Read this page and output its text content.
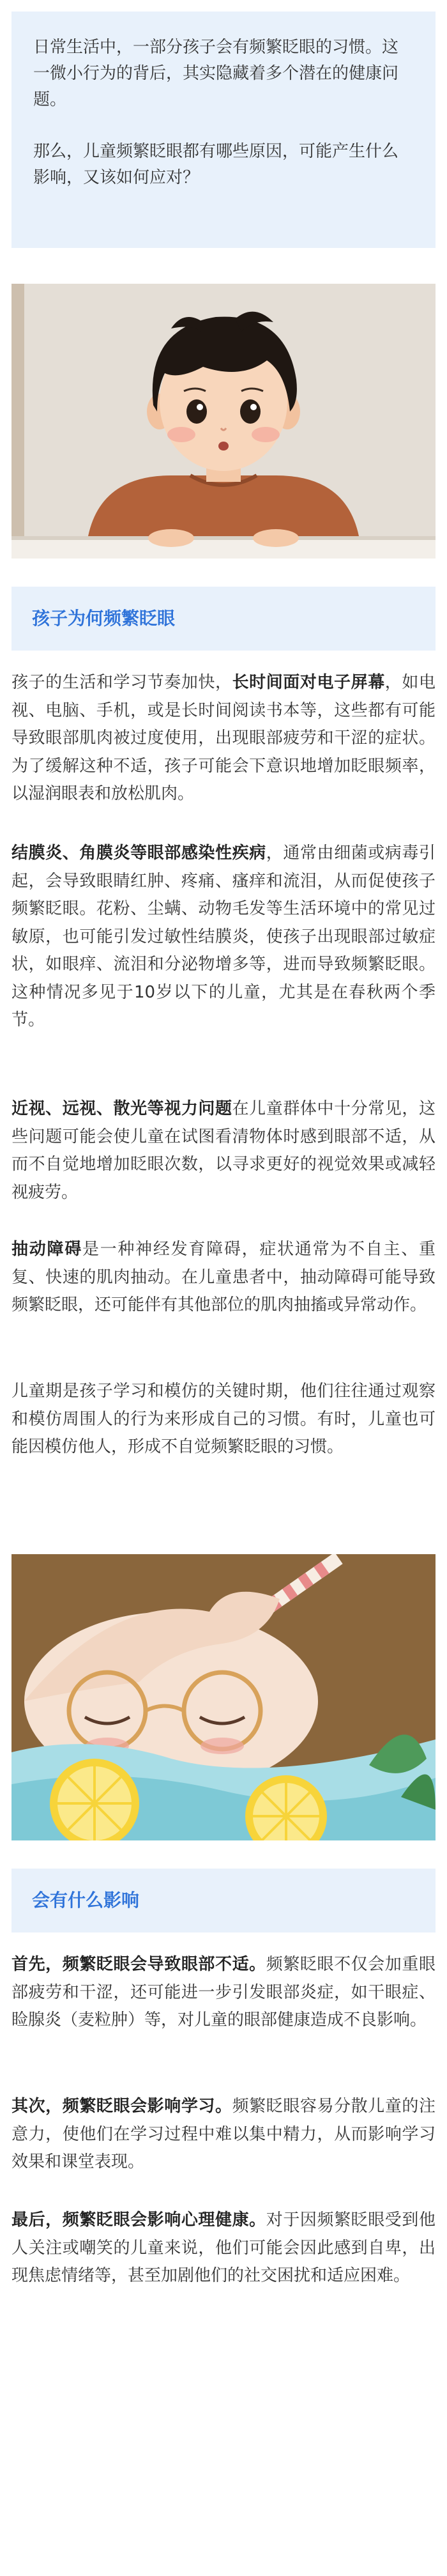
日常生活中，一部分孩子会有频繁眨眼的习惯。这一微小行为的背后，其实隐藏着多个潜在的健康问题。

那么，儿童频繁眨眼都有哪些原因，可能产生什么影响，又该如何应对？

孩子为何频繁眨眼

孩子的生活和学习节奏加快，长时间面对电子屏幕，如电视、电脑、手机，或是长时间阅读书本等，这些都有可能导致眼部肌肉被过度使用，出现眼部疲劳和干涩的症状。为了缓解这种不适，孩子可能会下意识地增加眨眼频率，以湿润眼表和放松肌肉。

结膜炎、角膜炎等眼部感染性疾病，通常由细菌或病毒引起，会导致眼睛红肿、疼痛、瘙痒和流泪，从而促使孩子频繁眨眼。花粉、尘螨、动物毛发等生活环境中的常见过敏原，也可能引发过敏性结膜炎，使孩子出现眼部过敏症状，如眼痒、流泪和分泌物增多等，进而导致频繁眨眼。这种情况多见于10岁以下的儿童，尤其是在春秋两个季节。

近视、远视、散光等视力问题在儿童群体中十分常见，这些问题可能会使儿童在试图看清物体时感到眼部不适，从而不自觉地增加眨眼次数，以寻求更好的视觉效果或减轻视疲劳。

抽动障碍是一种神经发育障碍，症状通常为不自主、重复、快速的肌肉抽动。在儿童患者中，抽动障碍可能导致频繁眨眼，还可能伴有其他部位的肌肉抽搐或异常动作。

儿童期是孩子学习和模仿的关键时期，他们往往通过观察和模仿周围人的行为来形成自己的习惯。有时，儿童也可能因模仿他人，形成不自觉频繁眨眼的习惯。

会有什么影响

首先，频繁眨眼会导致眼部不适。频繁眨眼不仅会加重眼部疲劳和干涩，还可能进一步引发眼部炎症，如干眼症、睑腺炎（麦粒肿）等，对儿童的眼部健康造成不良影响。

其次，频繁眨眼会影响学习。频繁眨眼容易分散儿童的注意力，使他们在学习过程中难以集中精力，从而影响学习效果和课堂表现。

最后，频繁眨眼会影响心理健康。对于因频繁眨眼受到他人关注或嘲笑的儿童来说，他们可能会因此感到自卑，出现焦虑情绪等，甚至加剧他们的社交困扰和适应困难。
